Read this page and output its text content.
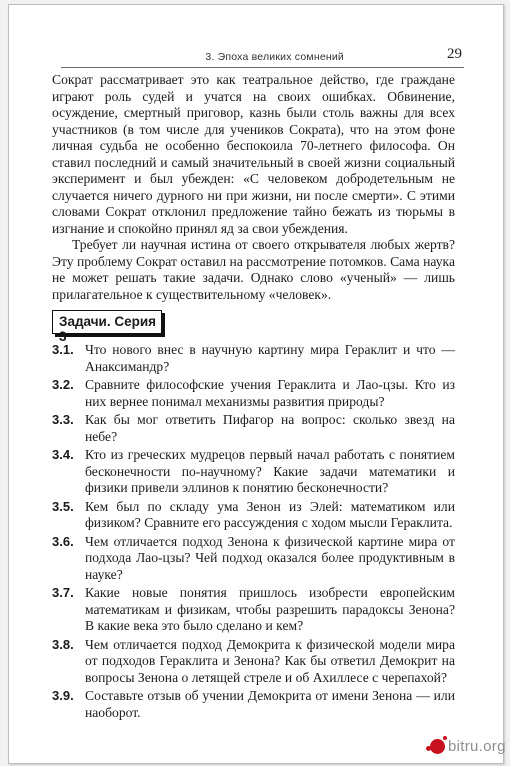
3. Эпоха великих сомнений	29

Сократ рассматривает это как театральное действо, где граждане играют роль судей и учатся на своих ошибках. Обвинение, осуждение, смертный приговор, казнь были столь важны для всех участников (в том числе для учеников Сократа), что на этом фоне личная судьба не особенно беспокоила 70-летнего философа. Он ставил последний и самый значительный в своей жизни социальный эксперимент и был убежден: «С человеком добродетельным не случается ничего дурного ни при жизни, ни после смерти». С этими словами Сократ отклонил предложение тайно бежать из тюрьмы в изгнание и спокойно принял яд за свои убеждения.

Требует ли научная истина от своего открывателя любых жертв? Эту проблему Сократ оставил на рассмотрение потомков. Сама наука не может решать такие задачи. Однако слово «ученый» — лишь прилагательное к существительному «человек».

Задачи. Серия 3
3.1. Что нового внес в научную картину мира Гераклит и что — Анаксимандр?
3.2. Сравните философские учения Гераклита и Лао-цзы. Кто из них вернее понимал механизмы развития природы?
3.3. Как бы мог ответить Пифагор на вопрос: сколько звезд на небе?
3.4. Кто из греческих мудрецов первый начал работать с понятием бесконечности по-научному? Какие задачи математики и физики привели эллинов к понятию бесконечности?
3.5. Кем был по складу ума Зенон из Элей: математиком или физиком? Сравните его рассуждения с ходом мысли Гераклита.
3.6. Чем отличается подход Зенона к физической картине мира от подхода Лао-цзы? Чей подход оказался более продуктивным в науке?
3.7. Какие новые понятия пришлось изобрести европейским математикам и физикам, чтобы разрешить парадоксы Зенона? В какие века это было сделано и кем?
3.8. Чем отличается подход Демокрита к физической модели мира от подходов Гераклита и Зенона? Как бы ответил Демокрит на вопросы Зенона о летящей стреле и об Ахиллесе с черепахой?
3.9. Составьте отзыв об учении Демокрита от имени Зенона — или наоборот.
bitru.org
